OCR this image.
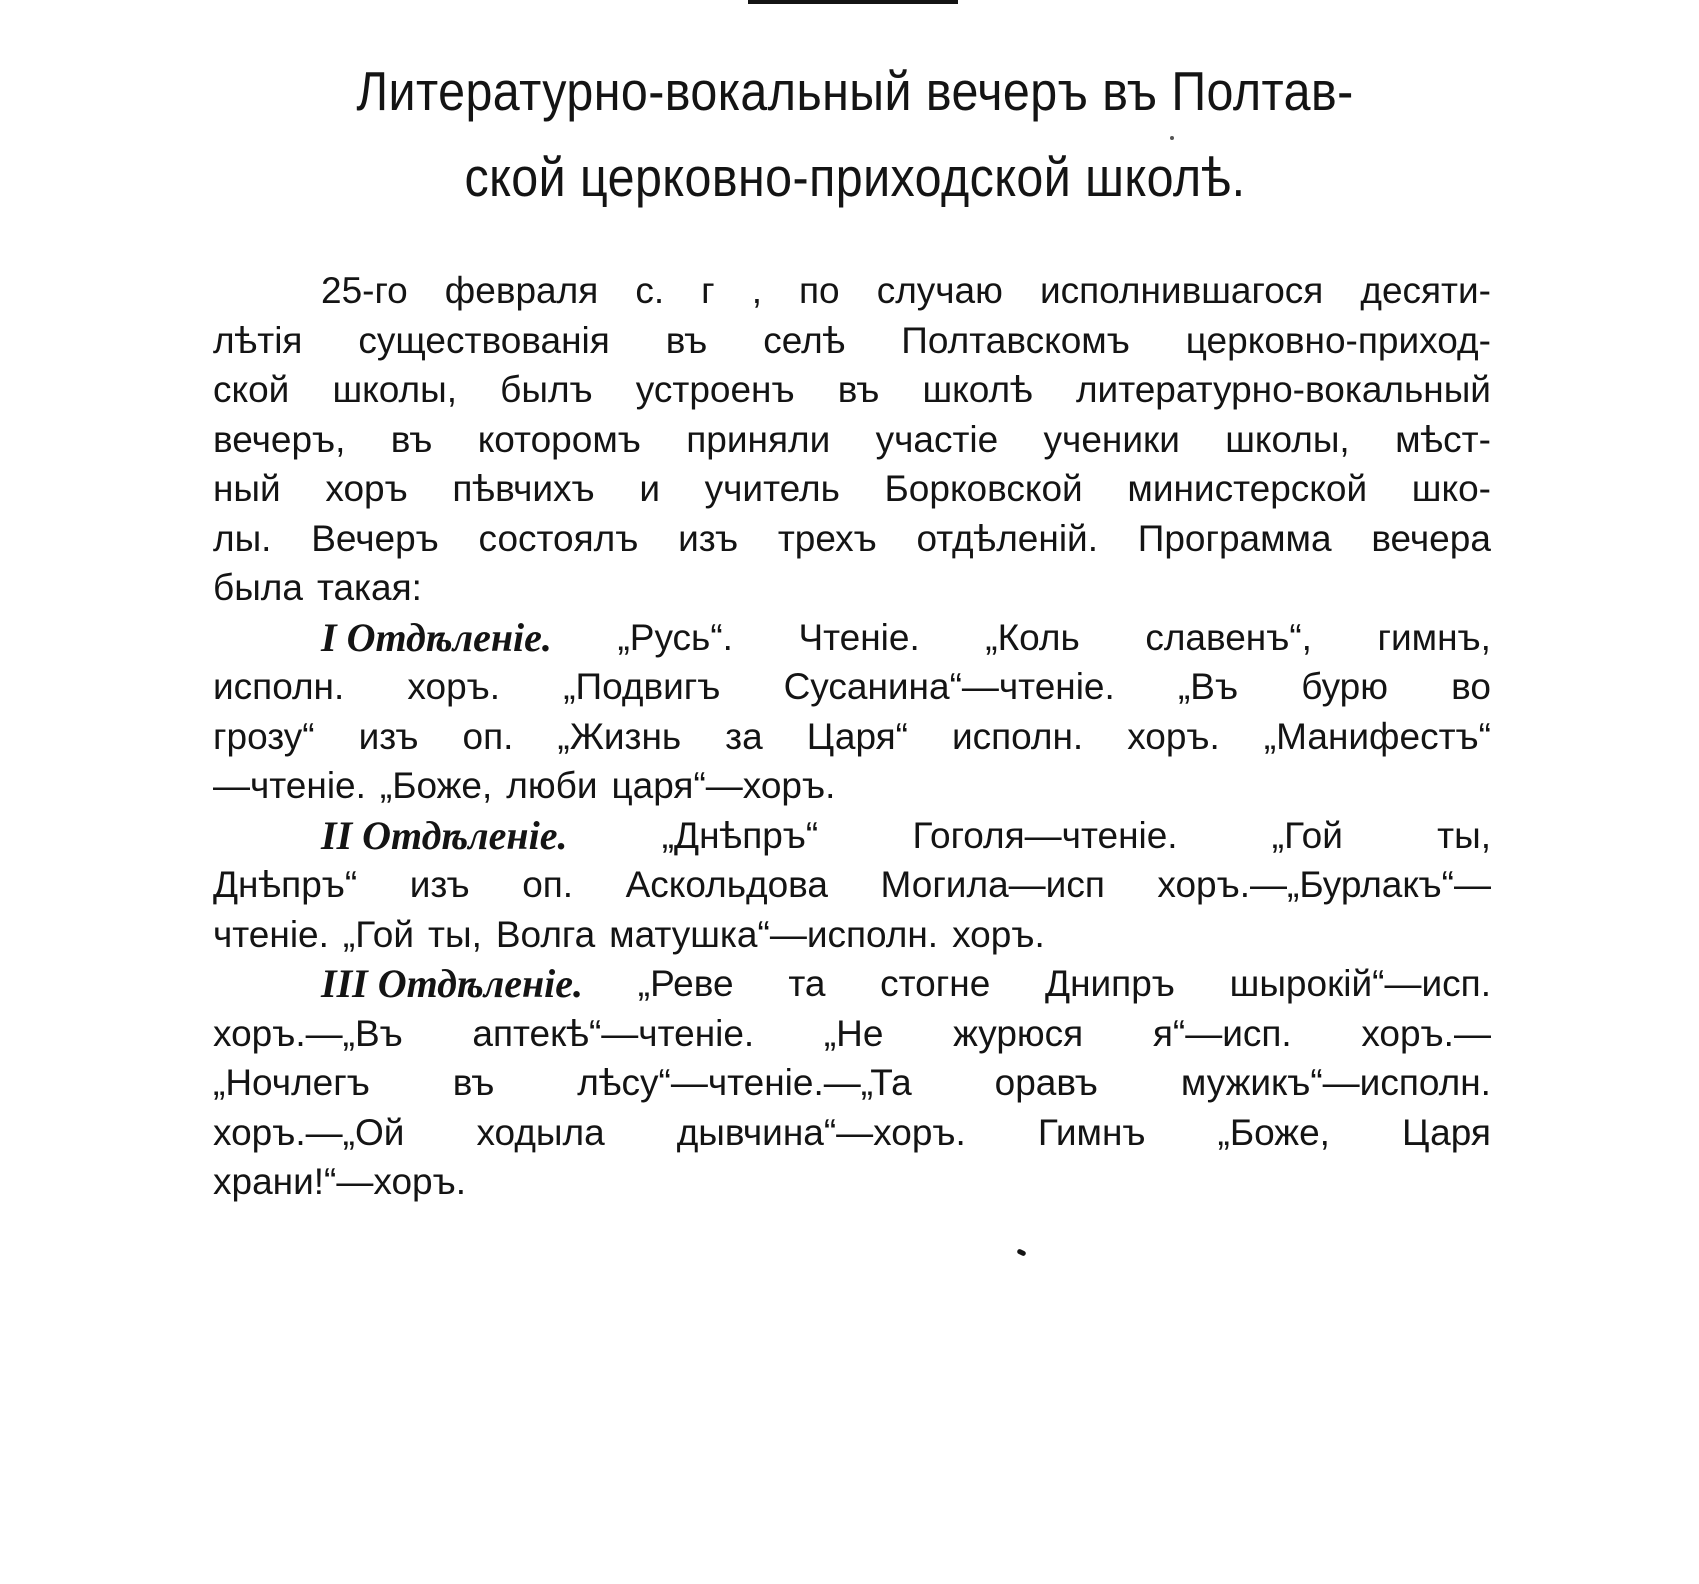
Литературно-вокальный вечеръ въ Полтав-
ской церковно-приходской школѣ.
25-го февраля с. г , по случаю исполнившагося десяти-
лѣтія существованія въ селѣ Полтавскомъ церковно-приход-
ской школы, былъ устроенъ въ школѣ литературно-вокальный
вечеръ, въ которомъ приняли участіе ученики школы, мѣст-
ный хоръ пѣвчихъ и учитель Борковской министерской шко-
лы. Вечеръ состоялъ изъ трехъ отдѣленій. Программа вечера
была такая:
I Отдѣленіе. „Русь“. Чтеніе. „Коль славенъ“, гимнъ,
исполн. хоръ. „Подвигъ Сусанина“—чтеніе. „Въ бурю во
грозу“ изъ оп. „Жизнь за Царя“ исполн. хоръ. „Манифестъ“
—чтеніе. „Боже, люби царя“—хоръ.
II Отдѣленіе.	„Днѣпръ“	Гоголя—чтеніе.	„Гой	ты,
Днѣпръ“ изъ оп. Аскольдова Могила—исп хоръ.—„Бурлакъ“—
чтеніе. „Гой ты, Волга матушка“—исполн. хоръ.
III Отдѣленіе. „Реве та стогне Днипръ шырокій“—исп.
хоръ.—„Въ аптекѣ“—чтеніе. „Не журюся я“—исп. хоръ.—
„Ночлегъ въ лѣсу“—чтеніе.—„Та оравъ мужикъ“—исполн.
хоръ.—„Ой ходыла дывчина“—хоръ. Гимнъ „Боже, Царя
храни!“—хоръ.
